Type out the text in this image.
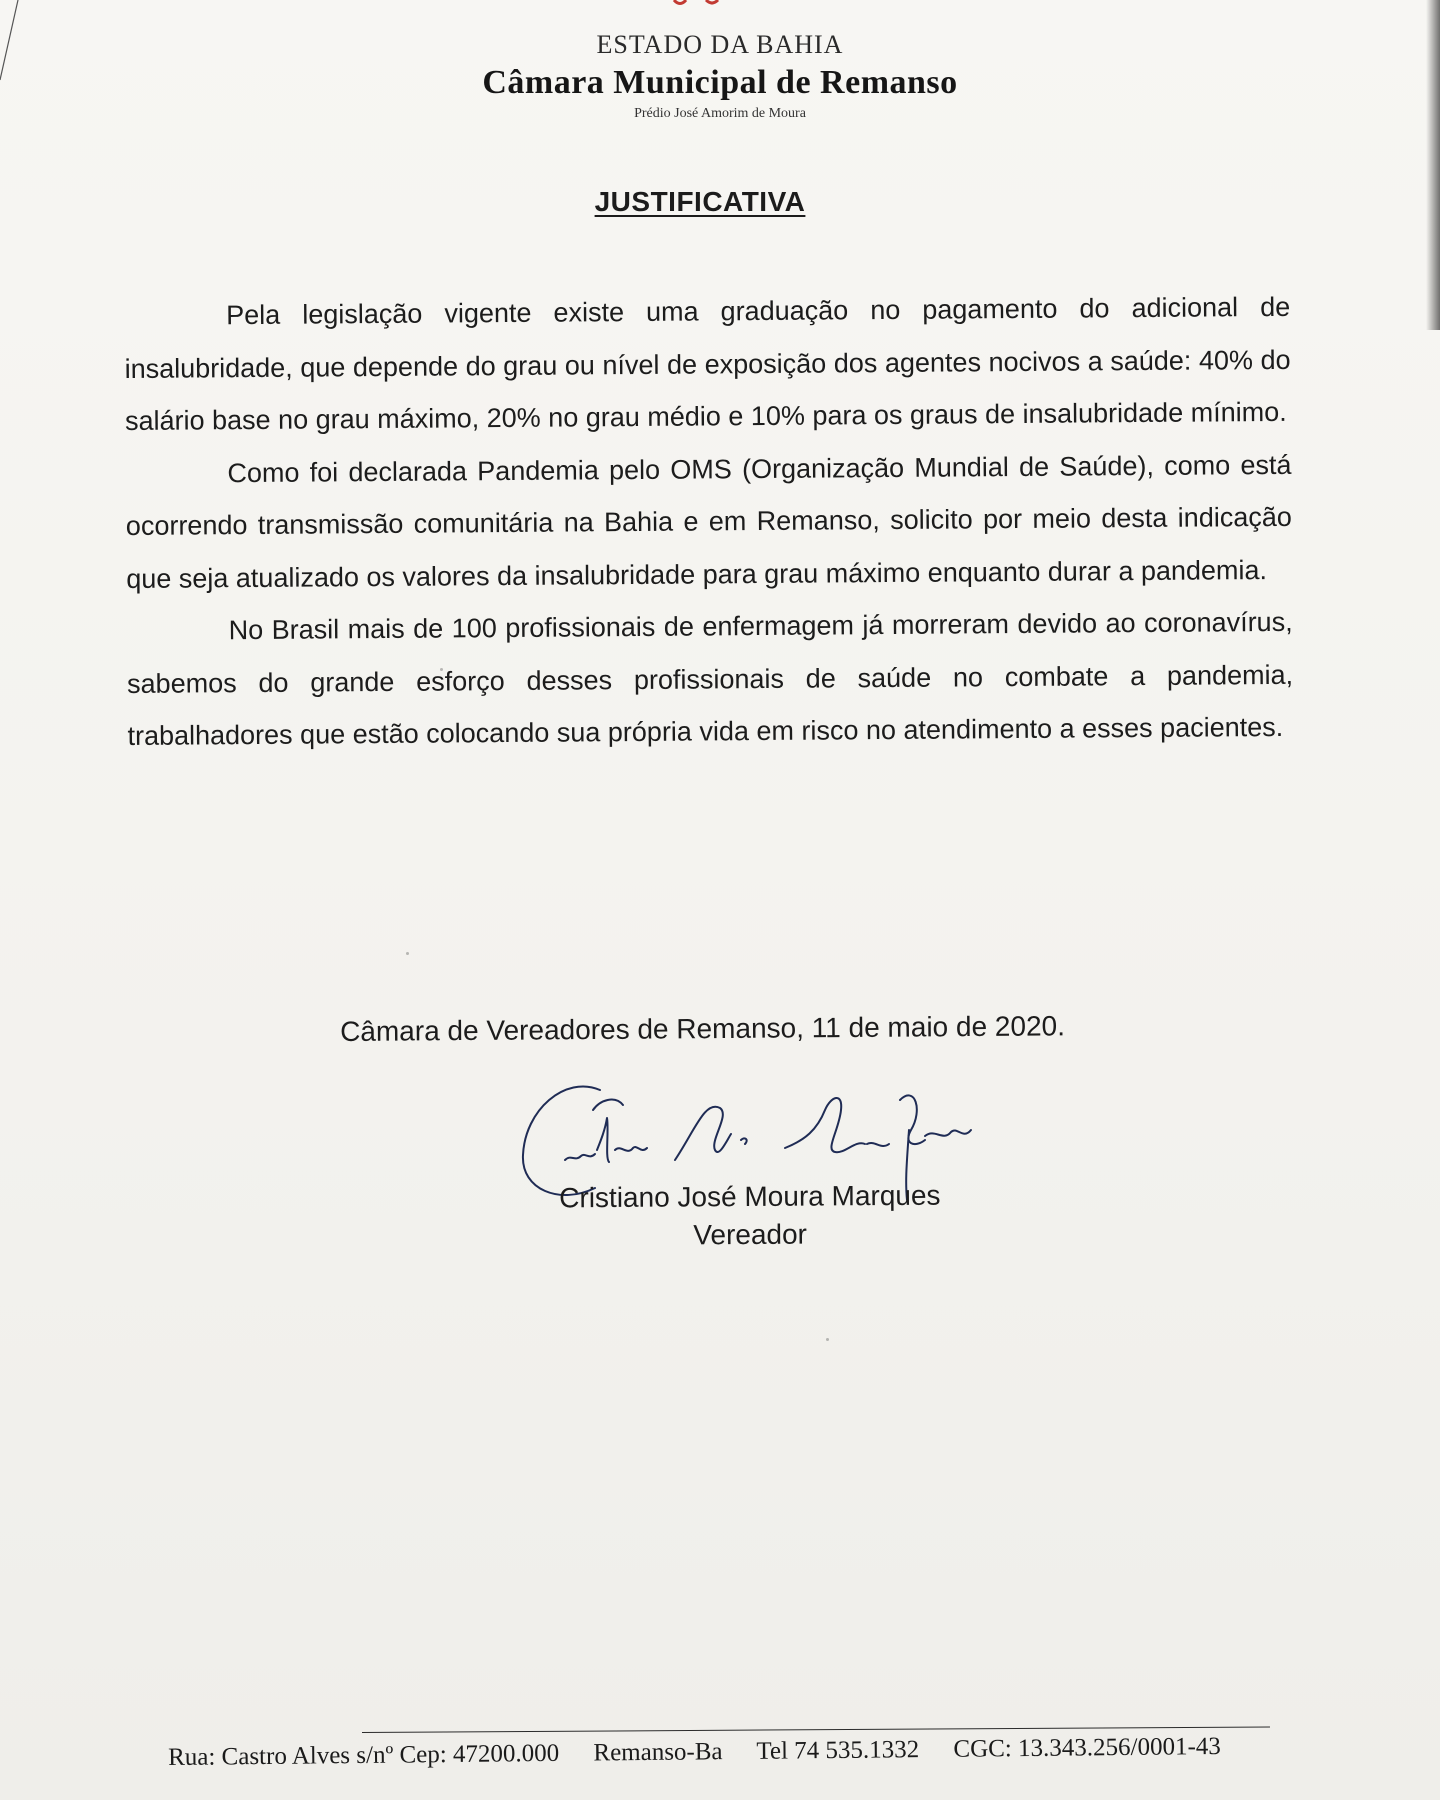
ESTADO DA BAHIA
Câmara Municipal de Remanso
Prédio José Amorim de Moura
JUSTIFICATIVA

Pela legislação vigente existe uma graduação no pagamento do adicional de insalubridade, que depende do grau ou nível de exposição dos agentes nocivos a saúde: 40% do salário base no grau máximo, 20% no grau médio e 10% para os graus de insalubridade mínimo.

Como foi declarada Pandemia pelo OMS (Organização Mundial de Saúde), como está ocorrendo transmissão comunitária na Bahia e em Remanso, solicito por meio desta indicação que seja atualizado os valores da insalubridade para grau máximo enquanto durar a pandemia.

No Brasil mais de 100 profissionais de enfermagem já morreram devido ao coronavírus, sabemos do grande esforço desses profissionais de saúde no combate a pandemia, trabalhadores que estão colocando sua própria vida em risco no atendimento a esses pacientes.

Câmara de Vereadores de Remanso, 11 de maio de 2020.
Cristiano José Moura Marques
Vereador
Rua: Castro Alves s/nº Cep: 47200.000 Remanso-Ba Tel 74 535.1332 CGC: 13.343.256/0001-43
